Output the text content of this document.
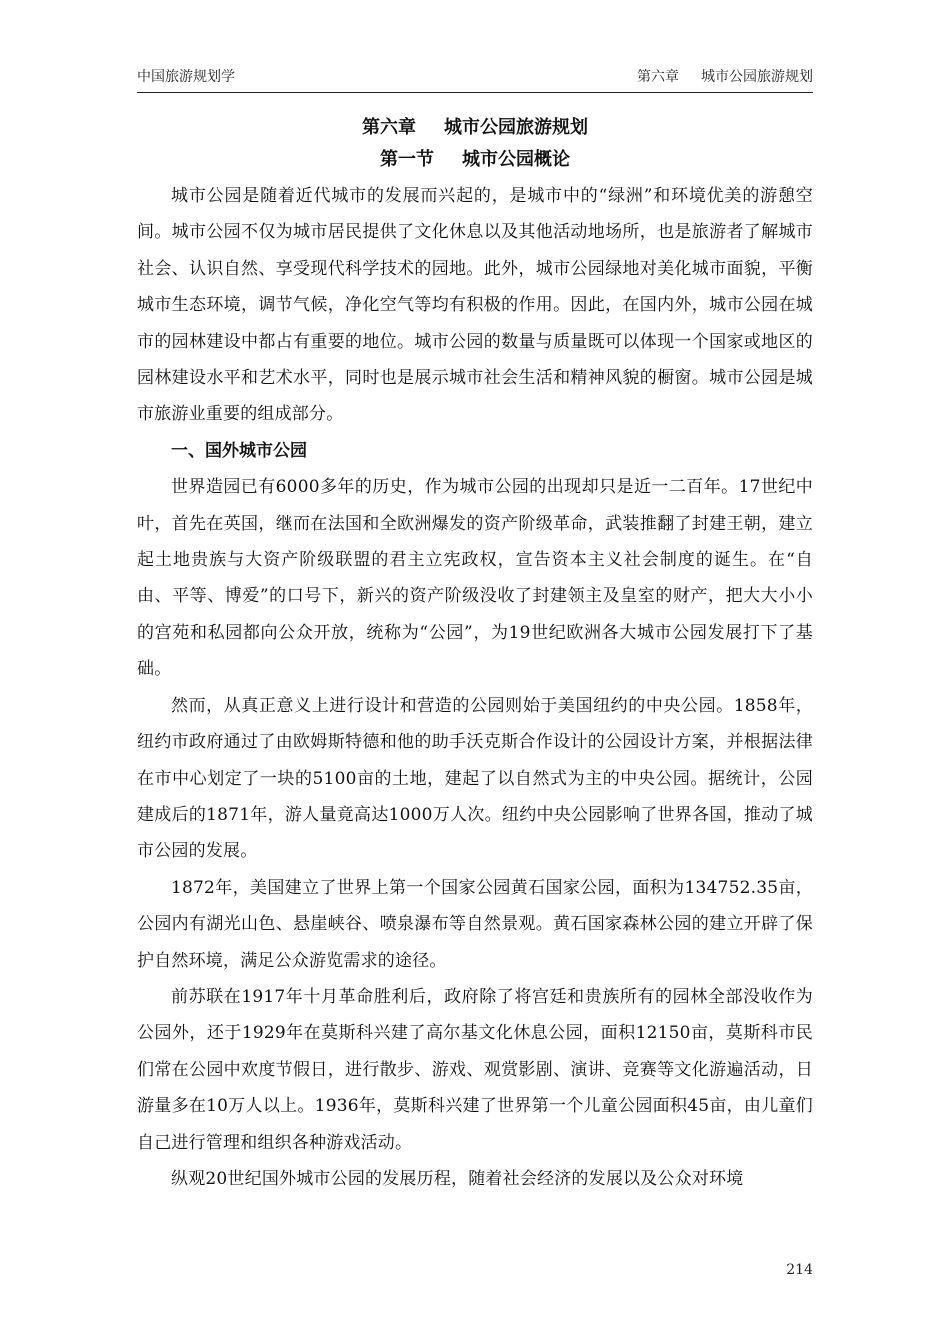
中国旅游规划学	第六章 城市公园旅游规划
第六章 城市公园旅游规划
第一节 城市公园概论

城市公园是随着近代城市的发展而兴起的，是城市中的“绿洲”和环境优美的游憩空间。城市公园不仅为城市居民提供了文化休息以及其他活动地场所，也是旅游者了解城市社会、认识自然、享受现代科学技术的园地。此外，城市公园绿地对美化城市面貌，平衡城市生态环境，调节气候，净化空气等均有积极的作用。因此，在国内外，城市公园在城市的园林建设中都占有重要的地位。城市公园的数量与质量既可以体现一个国家或地区的园林建设水平和艺术水平，同时也是展示城市社会生活和精神风貌的橱窗。城市公园是城市旅游业重要的组成部分。

一、国外城市公园

世界造园已有6000多年的历史，作为城市公园的出现却只是近一二百年。17世纪中叶，首先在英国，继而在法国和全欧洲爆发的资产阶级革命，武装推翻了封建王朝，建立起土地贵族与大资产阶级联盟的君主立宪政权，宣告资本主义社会制度的诞生。在“自由、平等、博爱”的口号下，新兴的资产阶级没收了封建领主及皇室的财产，把大大小小的宫苑和私园都向公众开放，统称为“公园”，为19世纪欧洲各大城市公园发展打下了基础。

然而，从真正意义上进行设计和营造的公园则始于美国纽约的中央公园。1858年，纽约市政府通过了由欧姆斯特德和他的助手沃克斯合作设计的公园设计方案，并根据法律在市中心划定了一块的5100亩的土地，建起了以自然式为主的中央公园。据统计，公园建成后的1871年，游人量竟高达1000万人次。纽约中央公园影响了世界各国，推动了城市公园的发展。

1872年，美国建立了世界上第一个国家公园黄石国家公园，面积为134752.35亩，公园内有湖光山色、悬崖峡谷、喷泉瀑布等自然景观。黄石国家森林公园的建立开辟了保护自然环境，满足公众游览需求的途径。

前苏联在1917年十月革命胜利后，政府除了将宫廷和贵族所有的园林全部没收作为公园外，还于1929年在莫斯科兴建了高尔基文化休息公园，面积12150亩，莫斯科市民们常在公园中欢度节假日，进行散步、游戏、观赏影剧、演讲、竞赛等文化游遍活动，日游量多在10万人以上。1936年，莫斯科兴建了世界第一个儿童公园面积45亩，由儿童们自己进行管理和组织各种游戏活动。

纵观20世纪国外城市公园的发展历程，随着社会经济的发展以及公众对环境

214
